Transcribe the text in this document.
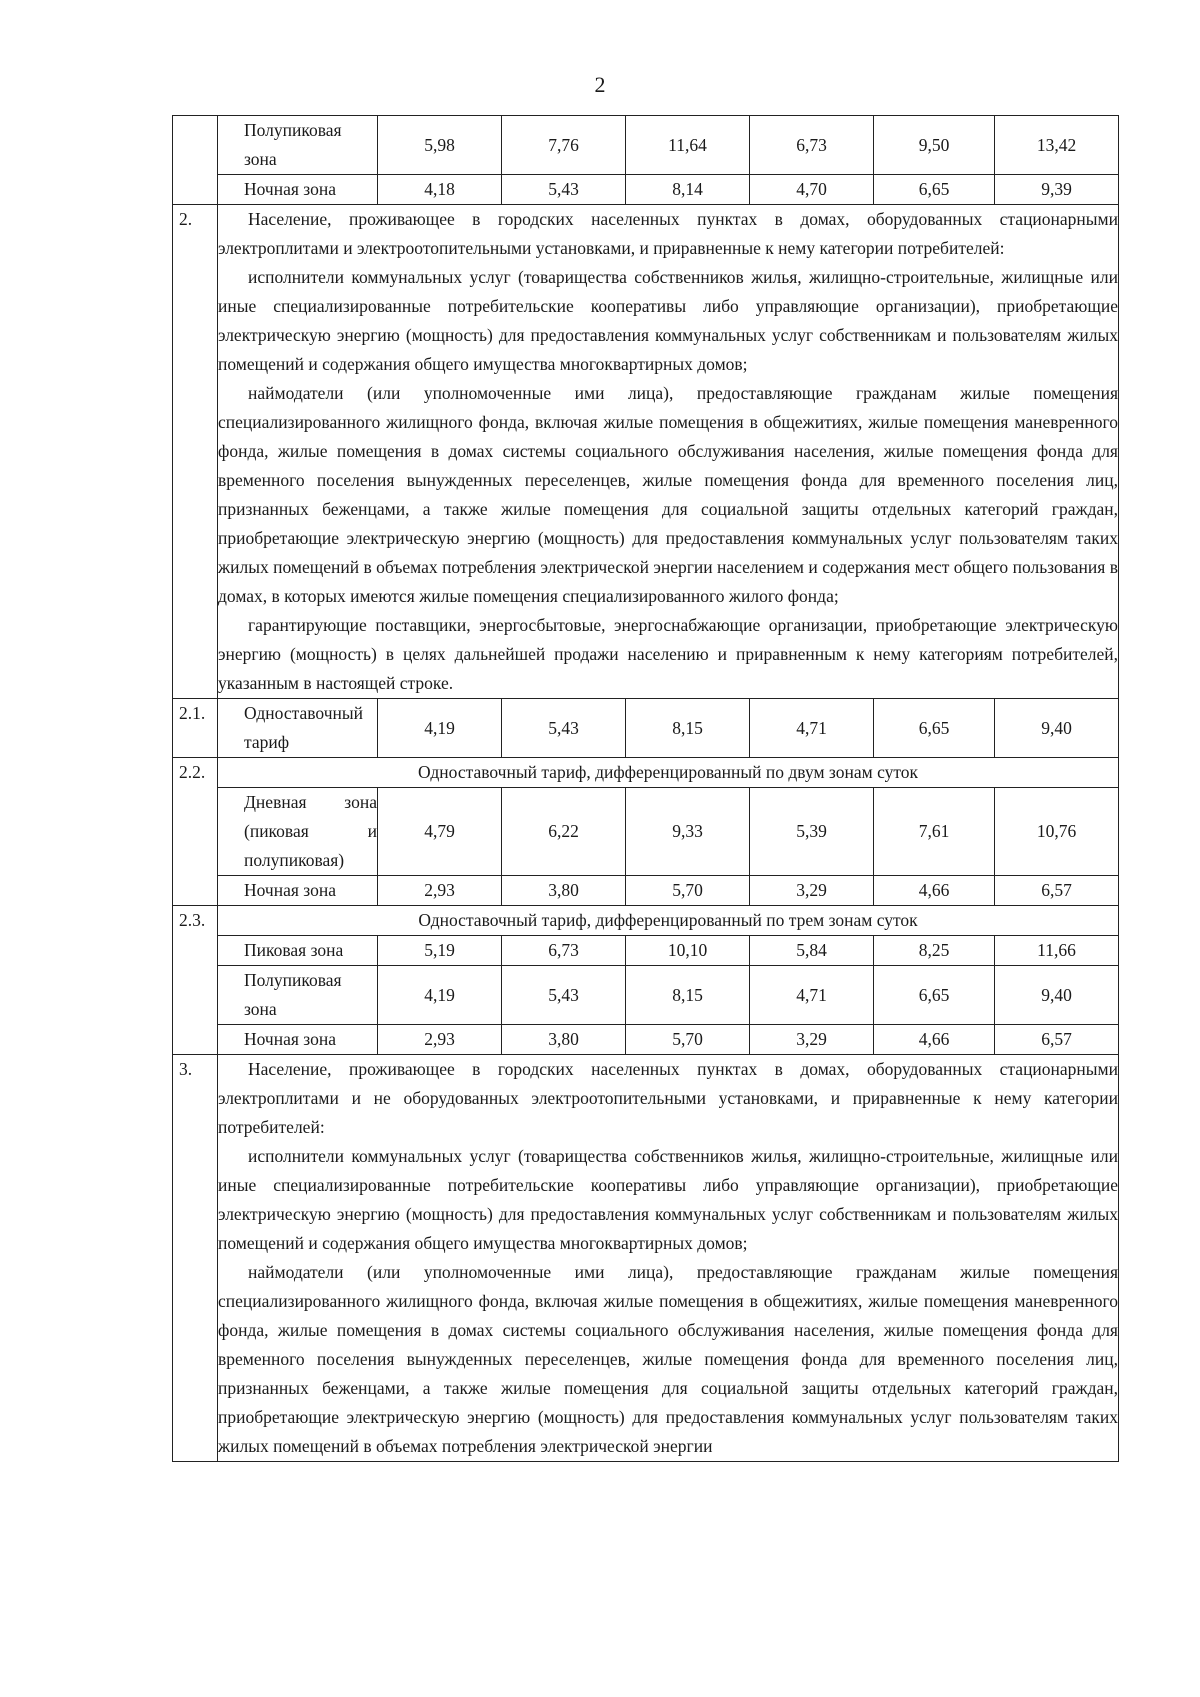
2
	Полупиковая зона	5,98	7,76	11,64	6,73	9,50	13,42
	Ночная зона	4,18	5,43	8,14	4,70	6,65	9,39
2.	Население, проживающее в городских населенных пунктах в домах, оборудованных стационарными электроплитами и электроотопительными установками, и приравненные к нему категории потребителей:

исполнители коммунальных услуг (товарищества собственников жилья, жилищно-строительные, жилищные или иные специализированные потребительские кооперативы либо управляющие организации), приобретающие электрическую энергию (мощность) для предоставления коммунальных услуг собственникам и пользователям жилых помещений и содержания общего имущества многоквартирных домов;

наймодатели (или уполномоченные ими лица), предоставляющие гражданам жилые помещения специализированного жилищного фонда, включая жилые помещения в общежитиях, жилые помещения маневренного фонда, жилые помещения в домах системы социального обслуживания населения, жилые помещения фонда для временного поселения вынужденных переселенцев, жилые помещения фонда для временного поселения лиц, признанных беженцами, а также жилые помещения для социальной защиты отдельных категорий граждан, приобретающие электрическую энергию (мощность) для предоставления коммунальных услуг пользователям таких жилых помещений в объемах потребления электрической энергии населением и содержания мест общего пользования в домах, в которых имеются жилые помещения специализированного жилого фонда;

гарантирующие поставщики, энергосбытовые, энергоснабжающие организации, приобретающие электрическую энергию (мощность) в целях дальнейшей продажи населению и приравненным к нему категориям потребителей, указанным в настоящей строке.						

2.1.	Одноставочный тариф	4,19	5,43	8,15	4,71	6,65	9,40
2.2.	Одноставочный тариф, дифференцированный по двум зонам суток						

	Дневная зона
(пиковая и
полупиковая)	4,79	6,22	9,33	5,39	7,61	10,76
	Ночная зона	2,93	3,80	5,70	3,29	4,66	6,57
2.3.	Одноставочный тариф, дифференцированный по трем зонам суток						
	Пиковая зона	5,19	6,73	10,10	5,84	8,25	11,66
	Полупиковая зона	4,19	5,43	8,15	4,71	6,65	9,40
	Ночная зона	2,93	3,80	5,70	3,29	4,66	6,57
3.	Население, проживающее в городских населенных пунктах в домах, оборудованных стационарными электроплитами и не оборудованных электроотопительными установками, и приравненные к нему категории потребителей:

исполнители коммунальных услуг (товарищества собственников жилья, жилищно-строительные, жилищные или иные специализированные потребительские кооперативы либо управляющие организации), приобретающие электрическую энергию (мощность) для предоставления коммунальных услуг собственникам и пользователям жилых помещений и содержания общего имущества многоквартирных домов;

наймодатели (или уполномоченные ими лица), предоставляющие гражданам жилые помещения специализированного жилищного фонда, включая жилые помещения в общежитиях, жилые помещения маневренного фонда, жилые помещения в домах системы социального обслуживания населения, жилые помещения фонда для временного поселения вынужденных переселенцев, жилые помещения фонда для временного поселения лиц, признанных беженцами, а также жилые помещения для социальной защиты отдельных категорий граждан, приобретающие электрическую энергию (мощность) для предоставления коммунальных услуг пользователям таких жилых помещений в объемах потребления электрической энергии						
